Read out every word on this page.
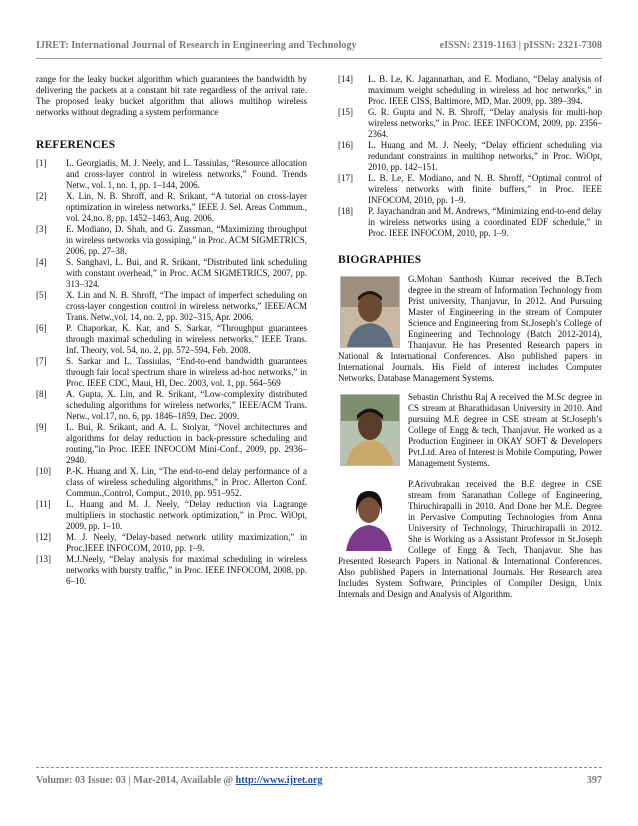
IJRET: International Journal of Research in Engineering and Technology	eISSN: 2319-1163 | pISSN: 2321-7308

range for the leaky bucket algorithm which guarantees the bandwidth by delivering the packets at a constant bit rate regardless of the arrival rate. The proposed leaky bucket algorithm that allows multihop wireless networks without degrading a system performance

REFERENCES
[1]	L. Georgiadis, M. J. Neely, and L. Tassiulas, “Resource allocation and cross-layer control in wireless networks,” Found. Trends Netw., vol. 1, no. 1, pp. 1–144, 2006.
[2]	X. Lin, N. B. Shroff, and R. Srikant, “A tutorial on cross-layer optimization in wireless networks,” IEEE J. Sel. Areas Commun., vol. 24,no. 8, pp. 1452–1463, Aug. 2006.
[3]	E. Modiano, D. Shah, and G. Zussman, “Maximizing throughput in wireless networks via gossiping,” in Proc. ACM SIGMETRICS, 2006, pp. 27–38.
[4]	S. Sanghavi, L. Bui, and R. Srikant, “Distributed link scheduling with constant overhead,” in Proc. ACM SIGMETRICS, 2007, pp. 313–324.
[5]	X. Lin and N. B. Shroff, “The impact of imperfect scheduling on cross-layer congestion control in wireless networks,” IEEE/ACM Trans. Netw.,vol. 14, no. 2, pp. 302–315, Apr. 2006.
[6]	P. Chaporkar, K. Kar, and S. Sarkar, “Throughput guarantees through maximal scheduling in wireless networks,” IEEE Trans. Inf. Theory, vol. 54, no. 2, pp. 572–594, Feb. 2008.
[7]	S. Sarkar and L. Tassiulas, “End-to-end bandwidth guarantees through fair local spectrum share in wireless ad-hoc networks,” in Proc. IEEE CDC, Maui, HI, Dec. 2003, vol. 1, pp. 564–569
[8]	A. Gupta, X. Lin, and R. Srikant, “Low-complexity distributed scheduling algorithms for wireless networks,” IEEE/ACM Trans. Netw., vol.17, no. 6, pp. 1846–1859, Dec. 2009.
[9]	L. Bui, R. Srikant, and A. L. Stolyar, “Novel architectures and algorithms for delay reduction in back-pressure scheduling and routing,”in Proc. IEEE INFOCOM Mini-Conf., 2009, pp. 2936–2940.
[10]	P.-K. Huang and X. Lin, “The end-to-end delay performance of a class of wireless scheduling algorithms,” in Proc. Allerton Conf. Commun.,Control, Comput., 2010, pp. 951–952.
[11]	L. Huang and M. J. Neely, “Delay reduction via Lagrange multipliers in stochastic network optimization,” in Proc. WiOpt, 2009, pp. 1–10.
[12]	M. J. Neely, “Delay-based network utility maximization,” in Proc.IEEE INFOCOM, 2010, pp. 1–9.
[13]	M.J.Neely, “Delay analysis for maximal scheduling in wireless networks with bursty traffic,” in Proc. IEEE INFOCOM, 2008, pp. 6–10.
[14]	L. B. Le, K. Jagannathan, and E. Modiano, “Delay analysis of maximum weight scheduling in wireless ad hoc networks,” in Proc. IEEE CISS, Baltimore, MD, Mar. 2009, pp. 389–394.
[15]	G. R. Gupta and N. B. Shroff, “Delay analysis for multi-hop wireless networks,” in Proc. IEEE INFOCOM, 2009, pp. 2356–2364.
[16]	L. Huang and M. J. Neely, “Delay efficient scheduling via redundant constraints in multihop networks,” in Proc. WiOpt, 2010, pp. 142–151.
[17]	L. B. Le, E. Modiano, and N. B. Shroff, “Optimal control of wireless networks with finite buffers,” in Proc. IEEE INFOCOM, 2010, pp. 1–9.
[18]	P. Jayachandran and M. Andrews, “Minimizing end-to-end delay in wireless networks using a coordinated EDF schedule,” in Proc. IEEE INFOCOM, 2010, pp. 1–9.
BIOGRAPHIES

G.Mohan Santhosh Kumar received the B.Tech degree in the stream of Information Technology from Prist university, Thanjavur, In 2012. And Pursuing Master of Engineering in the stream of Computer Science and Engineering from St.Joseph’s College of Engineering and Technology (Batch 2012-2014), Thanjavur. He has Presented Research papers in National & International Conferences. Also published papers in International Journals. His Field of interest includes Computer Networks, Database Management Systems.

Sebastin Christhu Raj A received the M.Sc degree in CS stream at Bharathidasan University in 2010. And pursuing M.E degree in CSE stream at St.Joseph’s College of Engg & tech, Thanjavur. He worked as a Production Engineer in OKAY SOFT & Developers Pvt.Ltd. Area of Interest is Mobile Computing, Power Management Systems.

P.Arivubrakan received the B.E degree in CSE stream from Saranathan College of Engineering, Thiruchirapalli in 2010. And Done her M.E. Degree in Pervasive Computing Technologies from Anna University of Technology, Thiruchirapalli in 2012. She is Working as a Assistant Professor in St.Joseph College of Engg & Tech, Thanjavur. She has Presented Research Papers in National & International Conferences. Also published Papers in International Journals. Her Research area Includes System Software, Principles of Compiler Design, Unix Internals and Design and Analysis of Algorithm.

Volume: 03 Issue: 03 | Mar-2014, Available @ http://www.ijret.org	397
